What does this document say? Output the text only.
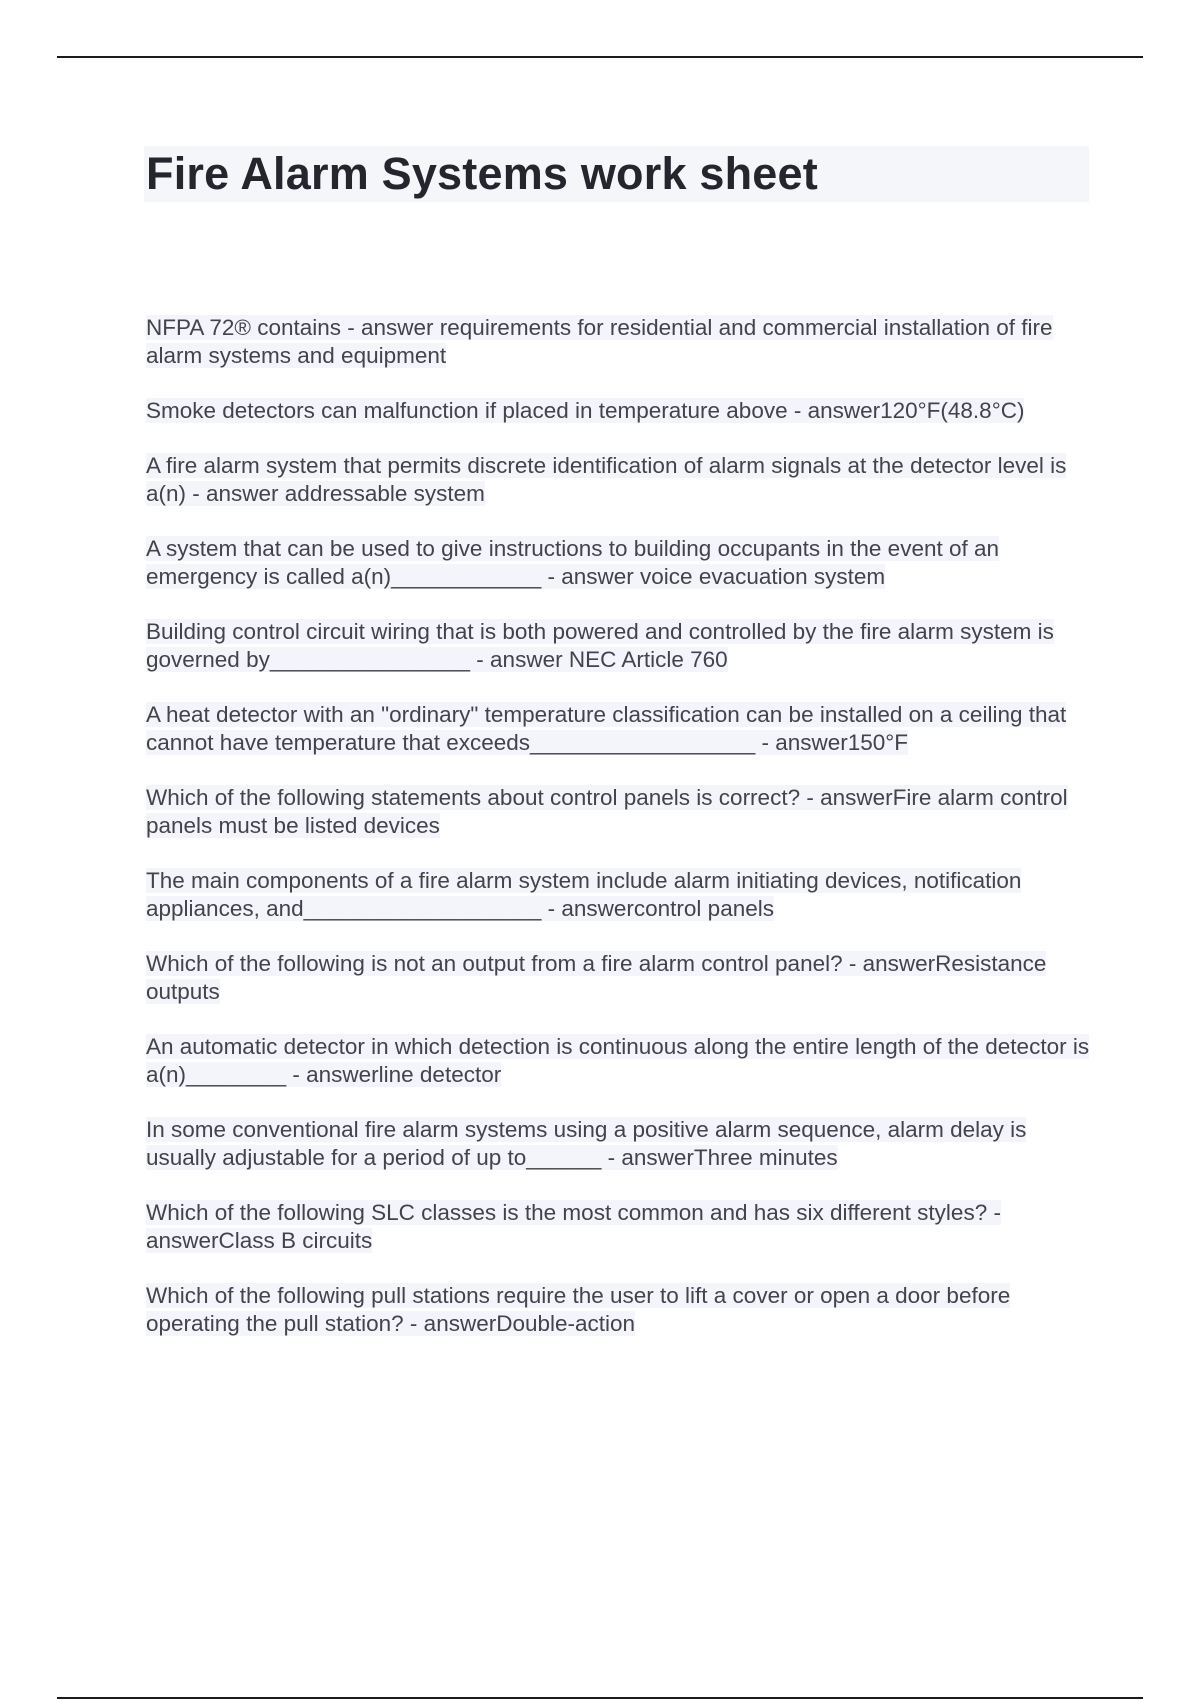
Fire Alarm Systems work sheet

NFPA 72® contains - answer requirements for residential and commercial installation of fire alarm systems and equipment

Smoke detectors can malfunction if placed in temperature above - answer120°F(48.8°C)

A fire alarm system that permits discrete identification of alarm signals at the detector level is a(n) - answer addressable system

A system that can be used to give instructions to building occupants in the event of an emergency is called a(n)____________ - answer voice evacuation system

Building control circuit wiring that is both powered and controlled by the fire alarm system is governed by________________ - answer NEC Article 760

A heat detector with an "ordinary" temperature classification can be installed on a ceiling that cannot have temperature that exceeds__________________ - answer150°F

Which of the following statements about control panels is correct? - answerFire alarm control panels must be listed devices

The main components of a fire alarm system include alarm initiating devices, notification appliances, and___________________ - answercontrol panels

Which of the following is not an output from a fire alarm control panel? - answerResistance outputs

An automatic detector in which detection is continuous along the entire length of the detector is a(n)________ - answerline detector

In some conventional fire alarm systems using a positive alarm sequence, alarm delay is usually adjustable for a period of up to______ - answerThree minutes

Which of the following SLC classes is the most common and has six different styles? - answerClass B circuits

Which of the following pull stations require the user to lift a cover or open a door before operating the pull station? - answerDouble-action
